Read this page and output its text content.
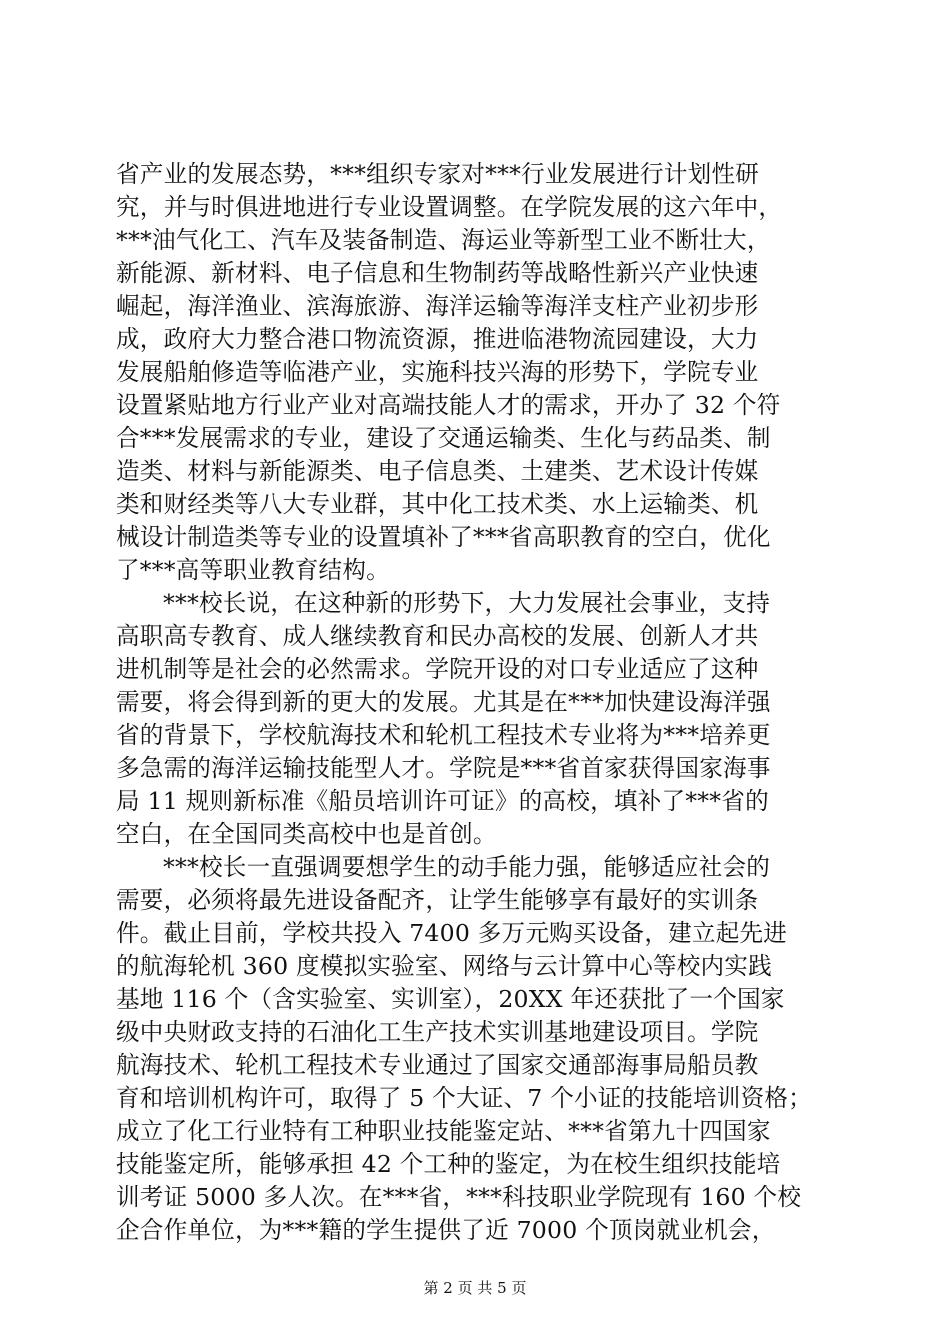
省产业的发展态势，***组织专家对***行业发展进行计划性研
究，并与时俱进地进行专业设置调整。在学院发展的这六年中，
***油气化工、汽车及装备制造、海运业等新型工业不断壮大，
新能源、新材料、电子信息和生物制药等战略性新兴产业快速
崛起，海洋渔业、滨海旅游、海洋运输等海洋支柱产业初步形
成，政府大力整合港口物流资源，推进临港物流园建设，大力
发展船舶修造等临港产业，实施科技兴海的形势下，学院专业
设置紧贴地方行业产业对高端技能人才的需求，开办了 32 个符
合***发展需求的专业，建设了交通运输类、生化与药品类、制
造类、材料与新能源类、电子信息类、土建类、艺术设计传媒
类和财经类等八大专业群，其中化工技术类、水上运输类、机
械设计制造类等专业的设置填补了***省高职教育的空白，优化
了***高等职业教育结构。
***校长说，在这种新的形势下，大力发展社会事业，支持
高职高专教育、成人继续教育和民办高校的发展、创新人才共
进机制等是社会的必然需求。学院开设的对口专业适应了这种
需要，将会得到新的更大的发展。尤其是在***加快建设海洋强
省的背景下，学校航海技术和轮机工程技术专业将为***培养更
多急需的海洋运输技能型人才。学院是***省首家获得国家海事
局 11 规则新标准《船员培训许可证》的高校，填补了***省的
空白，在全国同类高校中也是首创。
***校长一直强调要想学生的动手能力强，能够适应社会的
需要，必须将最先进设备配齐，让学生能够享有最好的实训条
件。截止目前，学校共投入 7400 多万元购买设备，建立起先进
的航海轮机 360 度模拟实验室、网络与云计算中心等校内实践
基地 116 个（含实验室、实训室），20XX 年还获批了一个国家
级中央财政支持的石油化工生产技术实训基地建设项目。学院
航海技术、轮机工程技术专业通过了国家交通部海事局船员教
育和培训机构许可，取得了 5 个大证、7 个小证的技能培训资格；
成立了化工行业特有工种职业技能鉴定站、***省第九十四国家
技能鉴定所，能够承担 42 个工种的鉴定，为在校生组织技能培
训考证 5000 多人次。在***省，***科技职业学院现有 160 个校
企合作单位，为***籍的学生提供了近 7000 个顶岗就业机会，
第 2 页 共 5 页
